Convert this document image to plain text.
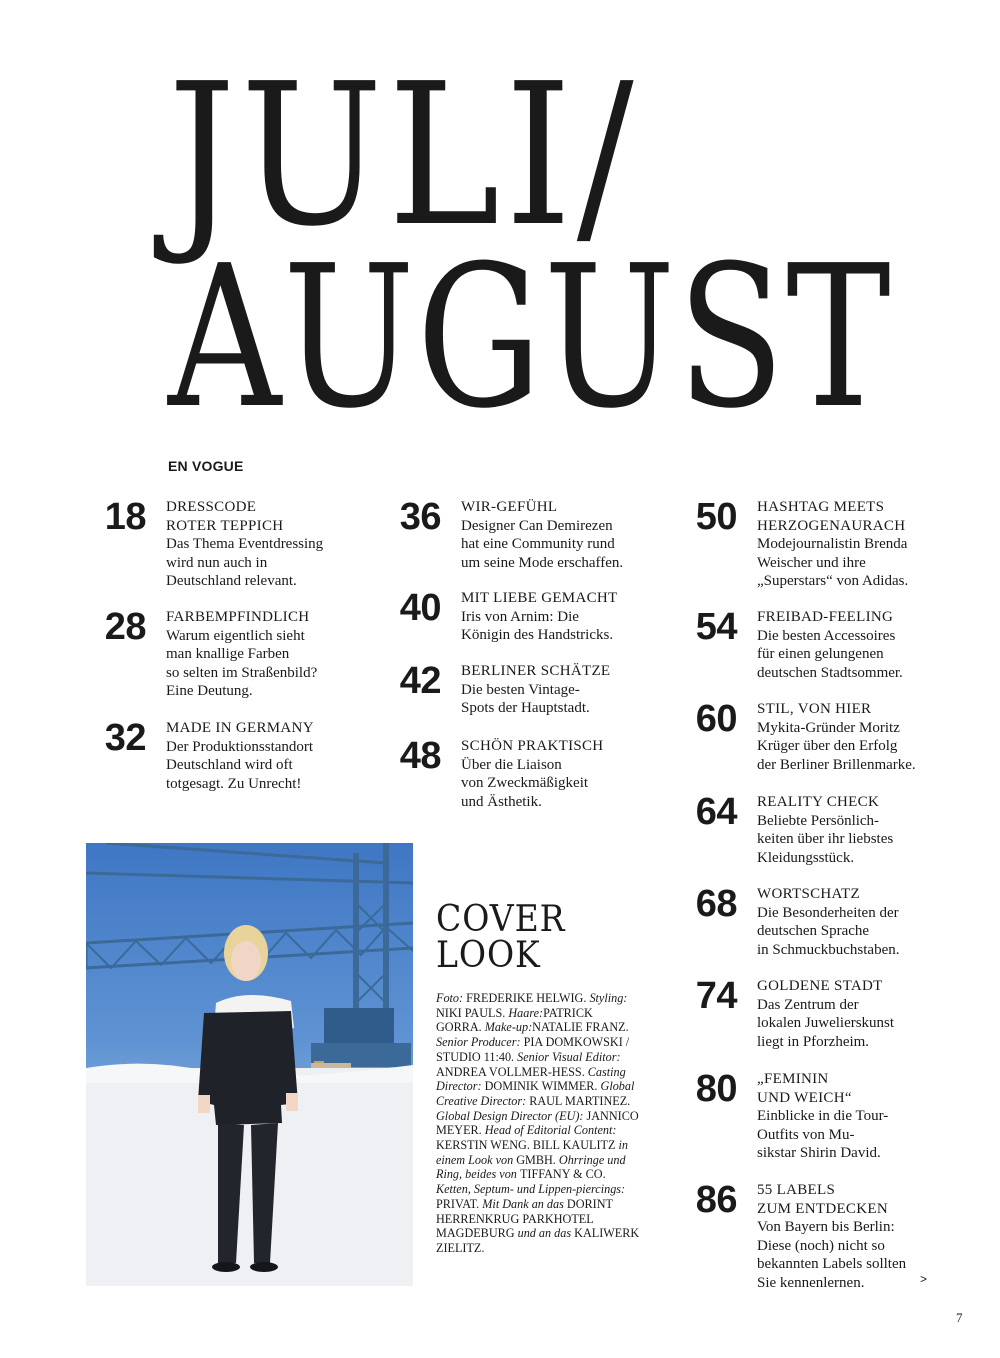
JULI/
AUGUST
EN VOGUE
18 DRESSCODE
ROTER TEPPICH
Das Thema Eventdressing
wird nun auch in
Deutschland relevant.
28 FARBEMPFINDLICH
Warum eigentlich sieht
man knallige Farben
so selten im Straßenbild?
Eine Deutung.
32 MADE IN GERMANY
Der Produktionsstandort
Deutschland wird oft
totgesagt. Zu Unrecht!
36 WIR-GEFÜHL
Designer Can Demirezen
hat eine Community rund
um seine Mode erschaffen.
40 MIT LIEBE GEMACHT
Iris von Arnim: Die
Königin des Handstricks.
42 BERLINER SCHÄTZE
Die besten Vintage-
Spots der Hauptstadt.
48 SCHÖN PRAKTISCH
Über die Liaison
von Zweckmäßigkeit
und Ästhetik.
50 HASHTAG MEETS
HERZOGENAURACH
Modejournalistin Brenda
Weischer und ihre
„Superstars“ von Adidas.
54 FREIBAD-FEELING
Die besten Accessoires
für einen gelungenen
deutschen Stadtsommer.
60 STIL, VON HIER
Mykita-Gründer Moritz
Krüger über den Erfolg
der Berliner Brillenmarke.
64 REALITY CHECK
Beliebte Persönlich-
keiten über ihr liebstes
Kleidungsstück.
68 WORTSCHATZ
Die Besonderheiten der
deutschen Sprache
in Schmuckbuchstaben.
74 GOLDENE STADT
Das Zentrum der
lokalen Juwelierskunst
liegt in Pforzheim.
80 „FEMININ
UND WEICH“
Einblicke in die Tour-
Outfits von Mu-
sikstar Shirin David.
86 55 LABELS
ZUM ENTDECKEN
Von Bayern bis Berlin:
Diese (noch) nicht so
bekannten Labels sollten
Sie kennenlernen.
COVER
LOOK
Foto: FREDERIKE HELWIG. Styling: NIKI PAULS. Haare:PATRICK GORRA. Make-up:NATALIE FRANZ. Senior Producer: PIA DOMKOWSKI / STUDIO 11:40. Senior Visual Editor: ANDREA VOLLMER-HESS. Casting Director: DOMINIK WIMMER. Global Creative Director: RAUL MARTINEZ. Global Design Director (EU): JANNICO MEYER. Head of Editorial Content: KERSTIN WENG. BILL KAULITZ in einem Look von GMBH. Ohrringe und Ring, beides von TIFFANY & CO. Ketten, Septum- und Lippen-piercings: PRIVAT. Mit Dank an das DORINT HERRENKRUG PARKHOTEL MAGDEBURG und an das KALIWERK ZIELITZ.
>
7
